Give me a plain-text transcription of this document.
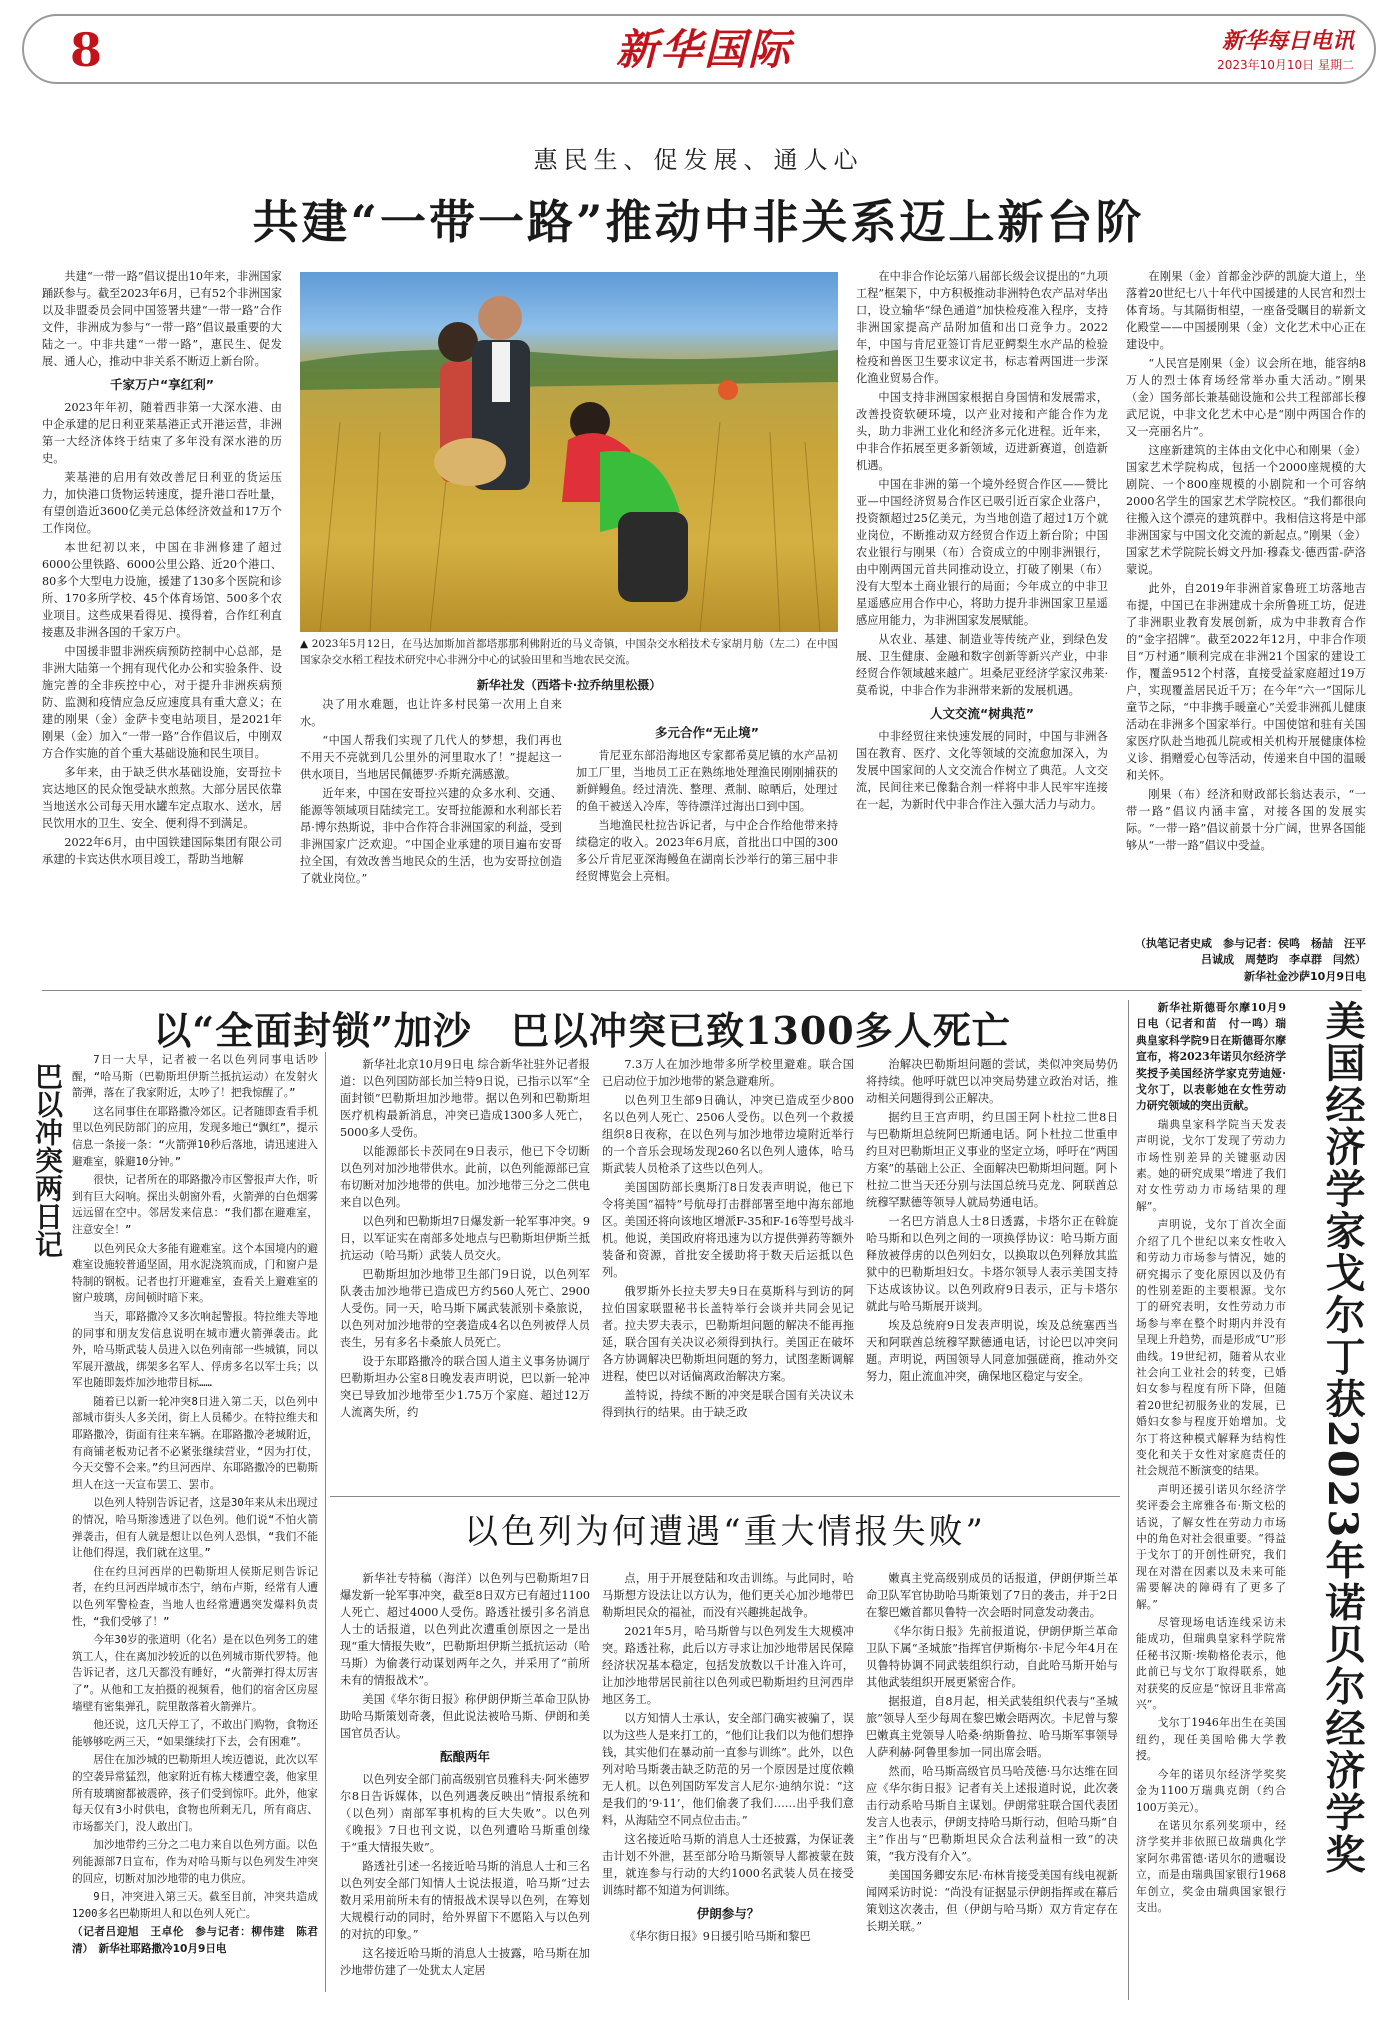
8	新华国际	新华每日电讯
2023年10月10日 星期二
惠民生、促发展、通人心
共建“一带一路”推动中非关系迈上新台阶

共建“一带一路”倡议提出10年来，非洲国家踊跃参与。截至2023年6月，已有52个非洲国家以及非盟委员会同中国签署共建“一带一路”合作文件，非洲成为参与“一带一路”倡议最重要的大陆之一。中非共建“一带一路”，惠民生、促发展、通人心，推动中非关系不断迈上新台阶。

千家万户“享红利”

2023年年初，随着西非第一大深水港、由中企承建的尼日利亚莱基港正式开港运营，非洲第一大经济体终于结束了多年没有深水港的历史。

莱基港的启用有效改善尼日利亚的货运压力，加快港口货物运转速度，提升港口吞吐量，有望创造近3600亿美元总体经济效益和17万个工作岗位。

本世纪初以来，中国在非洲修建了超过6000公里铁路、6000公里公路、近20个港口、80多个大型电力设施，援建了130多个医院和诊所、170多所学校、45个体育场馆、500多个农业项目。这些成果看得见、摸得着，合作红利直接惠及非洲各国的千家万户。

中国援非盟非洲疾病预防控制中心总部，是非洲大陆第一个拥有现代化办公和实验条件、设施完善的全非疾控中心，对于提升非洲疾病预防、监测和疫情应急反应速度具有重大意义；在建的刚果（金）金萨卡变电站项目，是2021年刚果（金）加入“一带一路”合作倡议后，中刚双方合作实施的首个重大基础设施和民生项目。

多年来，由于缺乏供水基础设施，安哥拉卡宾达地区的民众饱受缺水煎熬。大部分居民依靠当地送水公司每天用水罐车定点取水、送水，居民饮用水的卫生、安全、便利得不到满足。

2022年6月，由中国铁建国际集团有限公司承建的卡宾达供水项目竣工，帮助当地解

▲ 2023年5月12日，在马达加斯加首都塔那那利佛附近的马义奇镇，中国杂交水稻技术专家胡月舫（左二）在中国国家杂交水稻工程技术研究中心非洲分中心的试验田里和当地农民交流。
新华社发（西塔卡·拉乔纳里松摄）

决了用水难题，也让许多村民第一次用上自来水。

“中国人帮我们实现了几代人的梦想，我们再也不用天不亮就到几公里外的河里取水了！”提起这一供水项目，当地居民佩德罗·乔斯充满感激。

近年来，中国在安哥拉兴建的众多水利、交通、能源等领域项目陆续完工。安哥拉能源和水利部长若昂·博尔热斯说，非中合作符合非洲国家的利益，受到非洲国家广泛欢迎。“中国企业承建的项目遍布安哥拉全国，有效改善当地民众的生活，也为安哥拉创造了就业岗位。”

多元合作“无止境”

肯尼亚东部沿海地区专家都希莫尼镇的水产品初加工厂里，当地员工正在熟练地处理渔民刚刚捕获的新鲜鳗鱼。经过清洗、整理、煮制、晾晒后，处理过的鱼干被送入冷库，等待漂洋过海出口到中国。

当地渔民杜拉告诉记者，与中企合作给他带来持续稳定的收入。2023年6月底，首批出口中国的300多公斤肯尼亚深海鳗鱼在湖南长沙举行的第三届中非经贸博览会上亮相。

在中非合作论坛第八届部长级会议提出的“九项工程”框架下，中方积极推动非洲特色农产品对华出口，设立输华“绿色通道”加快检疫准入程序，支持非洲国家提高产品附加值和出口竞争力。2022年，中国与肯尼亚签订肯尼亚鳄梨生水产品的检验检疫和兽医卫生要求议定书，标志着两国进一步深化渔业贸易合作。

中国支持非洲国家根据自身国情和发展需求，改善投资软硬环境，以产业对接和产能合作为龙头，助力非洲工业化和经济多元化进程。近年来，中非合作拓展至更多新领域，迈进新赛道，创造新机遇。

中国在非洲的第一个境外经贸合作区——赞比亚—中国经济贸易合作区已吸引近百家企业落户，投资额超过25亿美元，为当地创造了超过1万个就业岗位，不断推动双方经贸合作迈上新台阶；中国农业银行与刚果（布）合资成立的中刚非洲银行，由中刚两国元首共同推动设立，打破了刚果（布）没有大型本土商业银行的局面；今年成立的中非卫星遥感应用合作中心，将助力提升非洲国家卫星遥感应用能力，为非洲国家发展赋能。

从农业、基建、制造业等传统产业，到绿色发展、卫生健康、金融和数字创新等新兴产业，中非经贸合作领域越来越广。坦桑尼亚经济学家汉弗莱·莫希说，中非合作为非洲带来新的发展机遇。

人文交流“树典范”

中非经贸往来快速发展的同时，中国与非洲各国在教育、医疗、文化等领域的交流愈加深入，为发展中国家间的人文交流合作树立了典范。人文交流，民间往来已像黏合剂一样将中非人民牢牢连接在一起，为新时代中非合作注入强大活力与动力。

在刚果（金）首都金沙萨的凯旋大道上，坐落着20世纪七八十年代中国援建的人民宫和烈士体育场。与其隔街相望，一座备受瞩目的崭新文化殿堂——中国援刚果（金）文化艺术中心正在建设中。

“人民宫是刚果（金）议会所在地，能容纳8万人的烈士体育场经常举办重大活动。”刚果（金）国务部长兼基础设施和公共工程部部长穆武尼说，中非文化艺术中心是“刚中两国合作的又一亮丽名片”。

这座新建筑的主体由文化中心和刚果（金）国家艺术学院构成，包括一个2000座规模的大剧院、一个800座规模的小剧院和一个可容纳2000名学生的国家艺术学院校区。“我们都很向往搬入这个漂亮的建筑群中。我相信这将是中部非洲国家与中国文化交流的新起点。”刚果（金）国家艺术学院院长姆文丹加·穆森戈·德西雷-萨洛蒙说。

此外，自2019年非洲首家鲁班工坊落地吉布提，中国已在非洲建成十余所鲁班工坊，促进了非洲职业教育发展创新，成为中非教育合作的“金字招牌”。截至2022年12月，中非合作项目“万村通”顺利完成在非洲21个国家的建设工作，覆盖9512个村落，直接受益家庭超过19万户，实现覆盖居民近千万；在今年“六一”国际儿童节之际，“中非携手暖童心”关爱非洲孤儿健康活动在非洲多个国家举行。中国使馆和驻有关国家医疗队赴当地孤儿院或相关机构开展健康体检义诊、捐赠爱心包等活动，传递来自中国的温暖和关怀。

刚果（布）经济和财政部长翁达表示，“一带一路”倡议内涵丰富，对接各国的发展实际。“一带一路”倡议前景十分广阔，世界各国能够从“一带一路”倡议中受益。

（执笔记者史咸　参与记者：侯鸣　杨喆　汪平　吕诚成　周楚昀　李卓群　闫然）
新华社金沙萨10月9日电
以“全面封锁”加沙　巴以冲突已致1300多人死亡
巴以冲突两日记

7日一大早，记者被一名以色列同事电话吵醒，“哈马斯（巴勒斯坦伊斯兰抵抗运动）在发射火箭弹，落在了我家附近，太吵了！把我惊醒了。”

这名同事住在耶路撒冷郊区。记者随即查看手机里以色列民防部门的应用，发现多地已“飘红”，提示信息一条接一条：“火箭弹10秒后落地，请迅速进入避难室，躲避10分钟。”

很快，记者所在的耶路撒冷市区警报声大作，听到有巨大闷响。探出头朝窗外看，火箭弹的白色烟雾远远留在空中。邻居发来信息：“我们都在避难室，注意安全！”

以色列民众大多能有避难室。这个本国境内的避难室设施较普通坚固，用水泥浇筑而成，门和窗户是特制的钢板。记者也打开避难室，查看关上避难室的窗户玻璃，房间顿时暗下来。

当天，耶路撒冷又多次响起警报。特拉维夫等地的同事和朋友发信息说明在城市遭火箭弹袭击。此外，哈马斯武装人员进入以色列南部一些城镇，同以军展开激战，绑架多名军人、俘虏多名以军士兵；以军也随即轰炸加沙地带目标……

随着已以新一轮冲突8日进入第二天，以色列中部城市街头人多关闭，街上人员稀少。在特拉维夫和耶路撒冷，街面有往来车辆。在耶路撒冷老城附近，有商铺老板劝记者不必紧张继续营业，“因为打仗，今天交警不会来。”约旦河西岸、东耶路撒冷的巴勒斯坦人在这一天宣布罢工、罢市。

以色列人特别告诉记者，这是30年来从未出现过的情况，哈马斯渗透进了以色列。他们说“不怕火箭弹袭击，但有人就是想让以色列人恐惧，“我们不能让他们得逞，我们就在这里。”

住在约旦河西岸的巴勒斯坦人侯斯尼则告诉记者，在约旦河西岸城市杰宁，纳布卢斯，经常有人遭以色列军警检查，当地人也经常遭遇突发爆料负责性，“我们受够了！”

今年30岁的张道明（化名）是在以色列务工的建筑工人，住在离加沙较近的以色列城市斯代罗特。他告诉记者，这几天都没有睡好，“火箭弹打得太厉害了”。从他和工友拍摄的视频看，他们的宿舍区房屋墙壁有密集弹孔，院里散落着火箭弹片。

他还说，这几天停工了，不敢出门购物，食物还能够够吃两三天，“如果继续打下去，会有困难”。

居住在加沙城的巴勒斯坦人埃迈德说，此次以军的空袭异常猛烈，他家附近有栋大楼遭空袭，他家里所有玻璃窗都被震碎，孩子们受到惊吓。此外，他家每天仅有3小时供电，食物也所剩无几，所有商店、市场都关门，没人敢出门。

加沙地带约三分之二电力来自以色列方面。以色列能源部7日宣布，作为对哈马斯与以色列发生冲突的回应，切断对加沙地带的电力供应。

9日，冲突进入第三天。截至目前，冲突共造成1200多名巴勒斯坦人和以色列人死亡。

（记者吕迎旭　王卓伦　参与记者：柳伟建　陈君清）　新华社耶路撒冷10月9日电

新华社北京10月9日电 综合新华社驻外记者报道：以色列国防部长加兰特9日说，已指示以军“全面封锁”巴勒斯坦加沙地带。据以色列和巴勒斯坦医疗机构最新消息，冲突已造成1300多人死亡，5000多人受伤。

以能源部长卡茨同在9日表示，他已下令切断以色列对加沙地带供水。此前，以色列能源部已宣布切断对加沙地带的供电。加沙地带三分之二供电来自以色列。

以色列和巴勒斯坦7日爆发新一轮军事冲突。9日，以军证实在南部多处地点与巴勒斯坦伊斯兰抵抗运动（哈马斯）武装人员交火。

巴勒斯坦加沙地带卫生部门9日说，以色列军队袭击加沙地带已造成巴方约560人死亡、2900人受伤。同一天，哈马斯下属武装派别卡桑旅说，以色列对加沙地带的空袭造成4名以色列被俘人员丧生，另有多名卡桑旅人员死亡。

设于东耶路撒冷的联合国人道主义事务协调厅巴勒斯坦办公室8日晚发表声明说，巴以新一轮冲突已导致加沙地带至少1.75万个家庭、超过12万人流离失所，约

7.3万人在加沙地带多所学校里避难。联合国已启动位于加沙地带的紧急避难所。

以色列卫生部9日确认，冲突已造成至少800名以色列人死亡、2506人受伤。以色列一个救援组织8日夜称，在以色列与加沙地带边境附近举行的一个音乐会现场发现260名以色列人遗体，哈马斯武装人员枪杀了这些以色列人。

美国国防部长奥斯汀8日发表声明说，他已下令将美国“福特”号航母打击群部署至地中海东部地区。美国还将向该地区增派F-35和F-16等型号战斗机。他说，美国政府将迅速为以方提供弹药等额外装备和资源，首批安全援助将于数天后运抵以色列。

俄罗斯外长拉夫罗夫9日在莫斯科与到访的阿拉伯国家联盟秘书长盖特举行会谈并共同会见记者。拉夫罗夫表示，巴勒斯坦问题的解决不能再拖延，联合国有关决议必须得到执行。美国正在破坏各方协调解决巴勒斯坦问题的努力，试图垄断调解进程，使巴以对话偏离政治解决方案。

盖特说，持续不断的冲突是联合国有关决议未得到执行的结果。由于缺乏政

治解决巴勒斯坦问题的尝试，类似冲突局势仍将持续。他呼吁就巴以冲突局势建立政治对话，推动相关问题得到公正解决。

据约旦王宫声明，约旦国王阿卜杜拉二世8日与巴勒斯坦总统阿巴斯通电话。阿卜杜拉二世重申约旦对巴勒斯坦正义事业的坚定立场，呼吁在“两国方案”的基础上公正、全面解决巴勒斯坦问题。阿卜杜拉二世当天还分别与法国总统马克龙、阿联酋总统穆罕默德等领导人就局势通电话。

一名巴方消息人士8日透露，卡塔尔正在斡旋哈马斯和以色列之间的一项换俘协议：哈马斯方面释放被俘虏的以色列妇女，以换取以色列释放其监狱中的巴勒斯坦妇女。卡塔尔领导人表示美国支持下达成该协议。以色列政府9日表示，正与卡塔尔就此与哈马斯展开谈判。

埃及总统府9日发表声明说，埃及总统塞西当天和阿联酋总统穆罕默德通电话，讨论巴以冲突问题。声明说，两国领导人同意加强磋商，推动外交努力，阻止流血冲突，确保地区稳定与安全。

以色列为何遭遇“重大情报失败”

新华社专特稿（海洋）以色列与巴勒斯坦7日爆发新一轮军事冲突，截至8日双方已有超过1100人死亡、超过4000人受伤。路透社援引多名消息人士的话报道，以色列此次遭重创原因之一是出现“重大情报失败”，巴勒斯坦伊斯兰抵抗运动（哈马斯）为偷袭行动谋划两年之久，并采用了“前所未有的情报战术”。

美国《华尔街日报》称伊朗伊斯兰革命卫队协助哈马斯策划奇袭，但此说法被哈马斯、伊朗和美国官员否认。

酝酿两年

以色列安全部门前高级别官员雅科夫·阿米德罗尔8日告诉媒体，以色列遇袭反映出“情报系统和（以色列）南部军事机构的巨大失败”。以色列《晚报》7日也刊文说，以色列遭哈马斯重创缘于“重大情报失败”。

路透社引述一名接近哈马斯的消息人士和三名以色列安全部门知情人士说法报道，哈马斯“过去数月采用前所未有的情报战术误导以色列，在筹划大规模行动的同时，给外界留下不愿陷入与以色列的对抗的印象。”

这名接近哈马斯的消息人士披露，哈马斯在加沙地带仿建了一处犹太人定居

点，用于开展登陆和攻击训练。与此同时，哈马斯想方设法让以方认为，他们更关心加沙地带巴勒斯坦民众的福祉，而没有兴趣挑起战争。

2021年5月，哈马斯曾与以色列发生大规模冲突。路透社称，此后以方寻求让加沙地带居民保障经济状况基本稳定，包括发放数以千计准入许可，让加沙地带居民前往以色列或巴勒斯坦约旦河西岸地区务工。

以方知情人士承认，安全部门确实被骗了，误以为这些人是来打工的，“他们让我们以为他们想挣钱，其实他们在暴动前一直参与训练”。此外，以色列对哈马斯袭击缺乏防范的另一个原因是过度依赖无人机。以色列国防军发言人尼尔·迪纳尔说：“这是我们的‘9·11’，他们偷袭了我们……出乎我们意料，从海陆空不同点位击击。”

这名接近哈马斯的消息人士还披露，为保证袭击计划不外泄，甚至部分哈马斯领导人都被蒙在鼓里，就连参与行动的大约1000名武装人员在接受训练时都不知道为何训练。

伊朗参与？

《华尔街日报》9日援引哈马斯和黎巴

嫩真主党高级别成员的话报道，伊朗伊斯兰革命卫队军官协助哈马斯策划了7日的袭击，并于2日在黎巴嫩首都贝鲁特一次会晤时同意发动袭击。

《华尔街日报》先前报道说，伊朗伊斯兰革命卫队下属“圣城旅”指挥官伊斯梅尔·卡尼今年4月在贝鲁特协调不同武装组织行动，自此哈马斯开始与其他武装组织开展更紧密合作。

据报道，自8月起，相关武装组织代表与“圣城旅”领导人至少每周在黎巴嫩会晤两次。卡尼曾与黎巴嫩真主党领导人哈桑·纳斯鲁拉、哈马斯军事领导人萨利赫·阿鲁里参加一同出席会晤。

然而，哈马斯高级官员马哈茂德·马尔达维在回应《华尔街日报》记者有关上述报道时说，此次袭击行动系哈马斯自主谋划。伊朗常驻联合国代表团发言人也表示，伊朗支持哈马斯行动，但哈马斯“自主”作出与“巴勒斯坦民众合法利益相一致”的决策，“我方没有介入”。

美国国务卿安东尼·布林肯接受美国有线电视新闻网采访时说：“尚没有证据显示伊朗指挥或在幕后策划这次袭击，但（伊朗与哈马斯）双方肯定存在长期关联。”

新华社斯德哥尔摩10月9日电（记者和苗　付一鸣）瑞典皇家科学院9日在斯德哥尔摩宣布，将2023年诺贝尔经济学奖授予美国经济学家克劳迪娅·戈尔丁，以表彰她在女性劳动力研究领域的突出贡献。

瑞典皇家科学院当天发表声明说，戈尔丁发现了劳动力市场性别差异的关键驱动因素。她的研究成果“增进了我们对女性劳动力市场结果的理解”。

声明说，戈尔丁首次全面介绍了几个世纪以来女性收入和劳动力市场参与情况，她的研究揭示了变化原因以及仍有的性别差距的主要根源。戈尔丁的研究表明，女性劳动力市场参与率在整个时期内并没有呈现上升趋势，而是形成“U”形曲线。19世纪初，随着从农业社会向工业社会的转变，已婚妇女参与程度有所下降，但随着20世纪初服务业的发展，已婚妇女参与程度开始增加。戈尔丁将这种模式解释为结构性变化和关于女性对家庭责任的社会规范不断演变的结果。

声明还援引诺贝尔经济学奖评委会主席雅各布·斯文松的话说，了解女性在劳动力市场中的角色对社会很重要。“得益于戈尔丁的开创性研究，我们现在对潜在因素以及未来可能需要解决的障碍有了更多了解。”

尽管现场电话连线采访未能成功，但瑞典皇家科学院常任秘书汉斯·埃勒格伦表示，他此前已与戈尔丁取得联系，她对获奖的反应是“惊讶且非常高兴”。

戈尔丁1946年出生在美国纽约，现任美国哈佛大学教授。

今年的诺贝尔经济学奖奖金为1100万瑞典克朗（约合100万美元）。

在诺贝尔系列奖项中，经济学奖并非依照已故瑞典化学家阿尔弗雷德·诺贝尔的遗嘱设立，而是由瑞典国家银行1968年创立，奖金由瑞典国家银行支出。

美国经济学家戈尔丁获2023年诺贝尔经济学奖
